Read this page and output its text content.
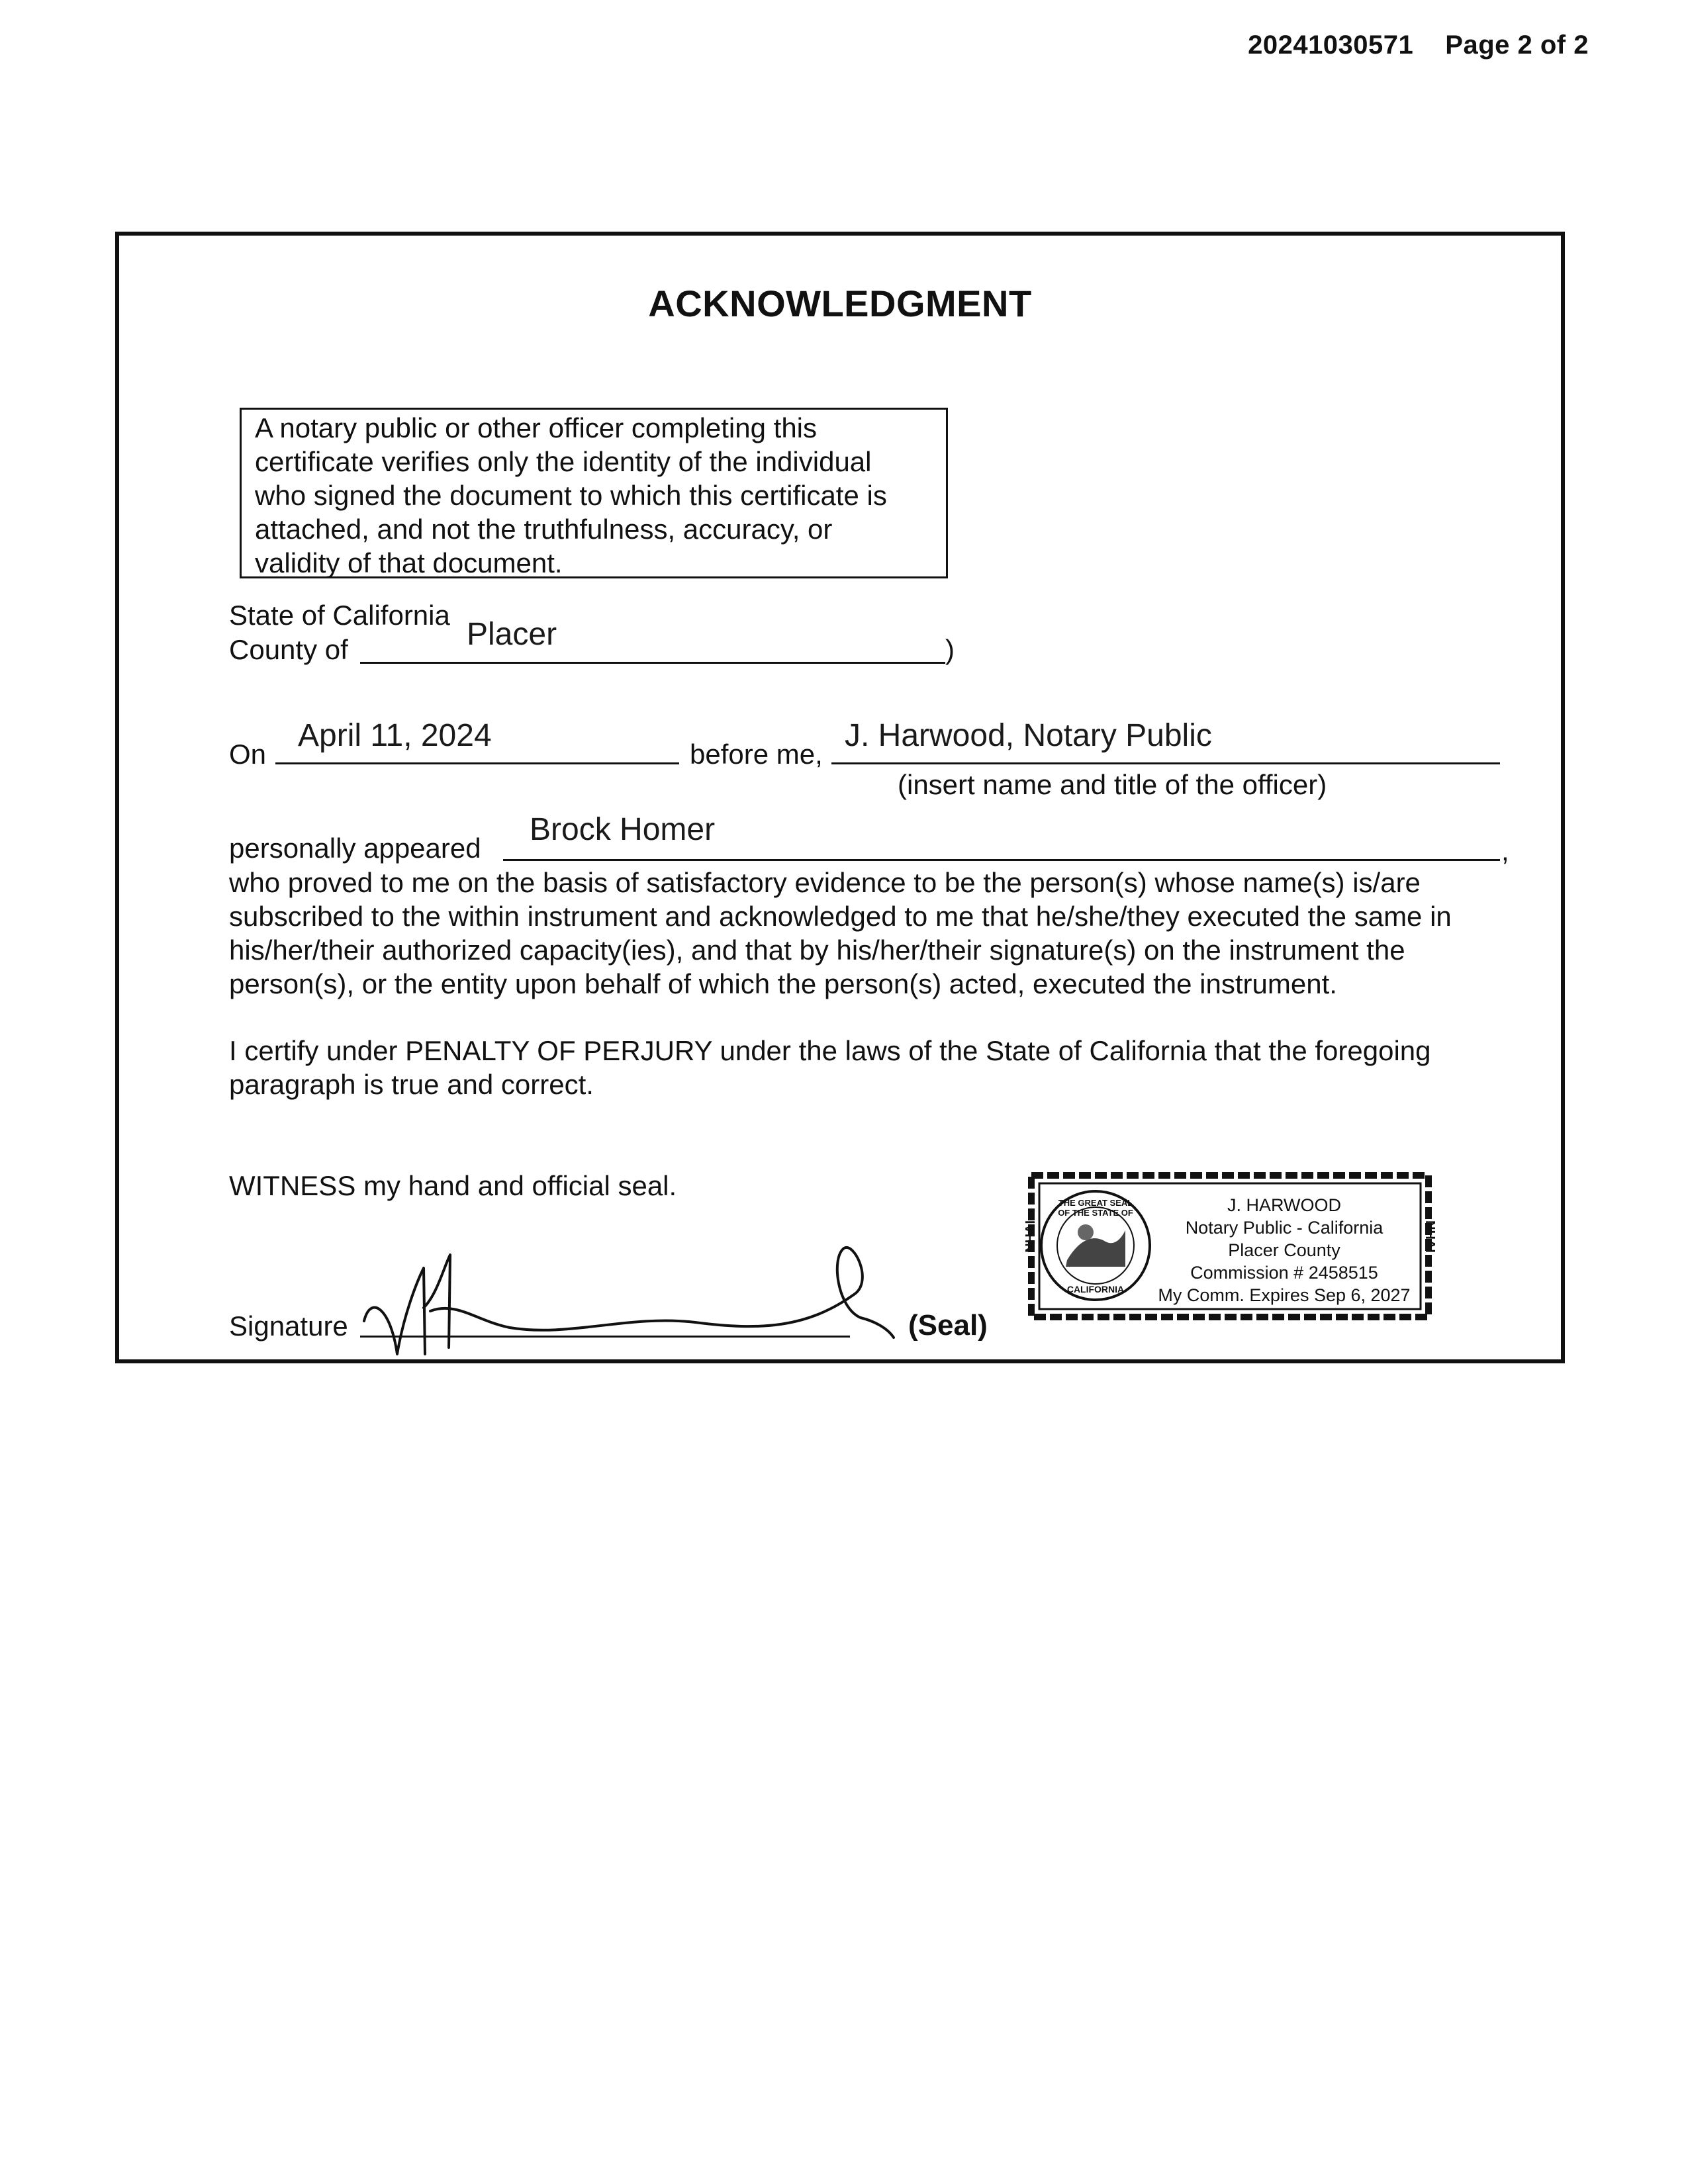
20241030571 Page 2 of 2
ACKNOWLEDGMENT
A notary public or other officer completing this
certificate verifies only the identity of the individual
who signed the document to which this certificate is
attached, and not the truthfulness, accuracy, or
validity of that document.
State of California
County of	Placer	)
On
April 11, 2024
before me,
J. Harwood, Notary Public
(insert name and title of the officer)
personally appeared
Brock Homer
,
who proved to me on the basis of satisfactory evidence to be the person(s) whose name(s) is/are
subscribed to the within instrument and acknowledged to me that he/she/they executed the same in
his/her/their authorized capacity(ies), and that by his/her/their signature(s) on the instrument the
person(s), or the entity upon behalf of which the person(s) acted, executed the instrument.
I certify under PENALTY OF PERJURY under the laws of the State of California that the foregoing
paragraph is true and correct.
WITNESS my hand and official seal.
Signature	(Seal)
NHAI	NHAI
THE GREAT SEAL OF THE STATE OF
CALIFORNIA
J. HARWOOD
Notary Public - California
Placer County
Commission # 2458515
My Comm. Expires Sep 6, 2027
